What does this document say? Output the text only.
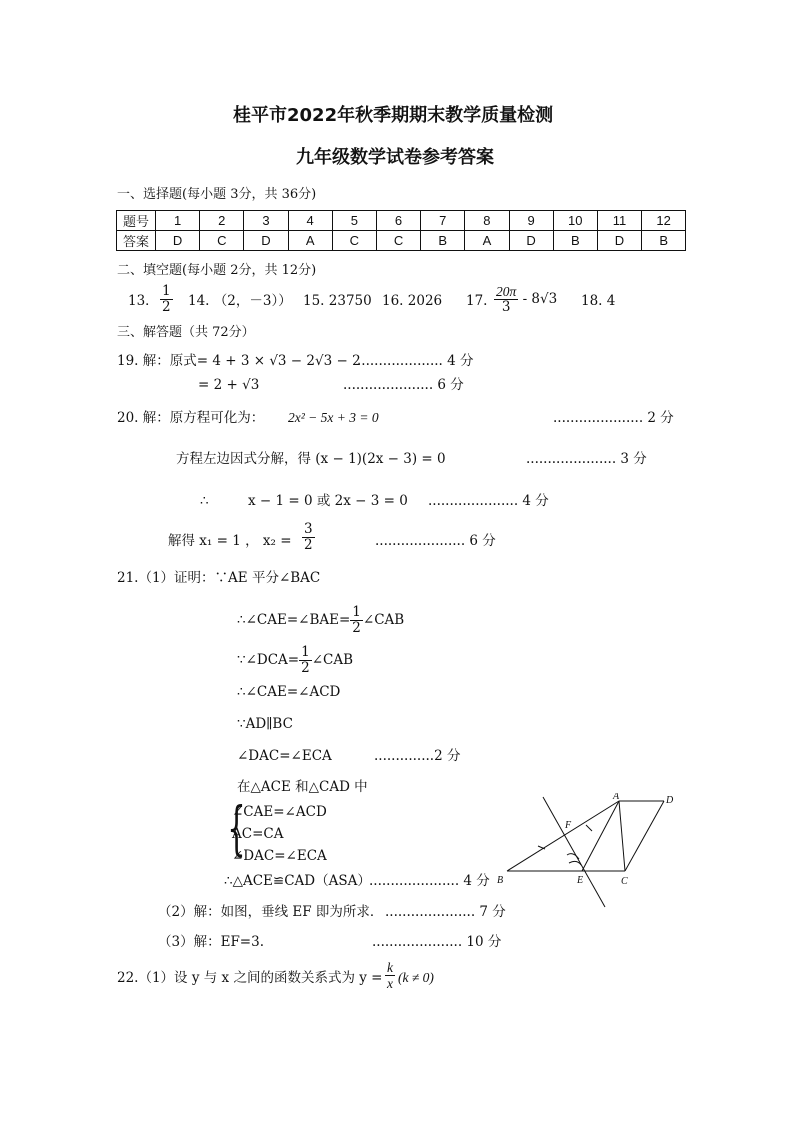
桂平市2022年秋季期期末教学质量检测
九年级数学试卷参考答案
一、选择题(每小题 3分，共 36分)
题号	1	2	3	4	5	6	7	8	9	10	11	12
答案	D	C	D	A	C	C	B	A	D	B	D	B
二、填空题(每小题 2分，共 12分)
13． $\frac{1}{2} 14$. （2，－3）） 15. 23750 16. 2026 17. $\frac{20\pi}{3} - 8√3$ 18. 4
三、解答题（共 72分）
19. 解：原式= 4 + 3 × √3 − 2√3 − 2
.................... 4 分
= 2 + √3	..................... 6 分
20. 解：原方程可化为： 2x² − 5x + 3 = 0	..................... 2 分
方程左边因式分解，得 (x − 1)(2x − 3) = 0	..................... 3 分
∴	x − 1 = 0 或 2x − 3 = 0 ..................... 4 分
解得 x₁ = 1 ， $x_2 = \frac{3}{2}$	..................... 6 分
21.（1）证明：∵AE 平分∠BAC
∴∠CAE=∠BAE= $\frac{1}{2}$ ∠CAB
∵∠DCA= $\frac{1}{2}$ ∠CAB
∴∠CAE=∠ACD
∵AD∥BC
∠DAC=∠ECA	..............2 分
在△ACE 和△CAD 中
{
∠CAE=∠ACD
AC=CA
∠DAC=∠ECA
∴△ACE≌CAD（ASA）
..................... 4 分
（2）解：如图，垂线 EF 即为所求． ..................... 7 分
（3）解：EF=3.	..................... 10 分
A	D
F
B	E	C
22.（1）设 y 与 x 之间的函数关系式为 $y = \frac{k}{x} (k \ne 0)$
